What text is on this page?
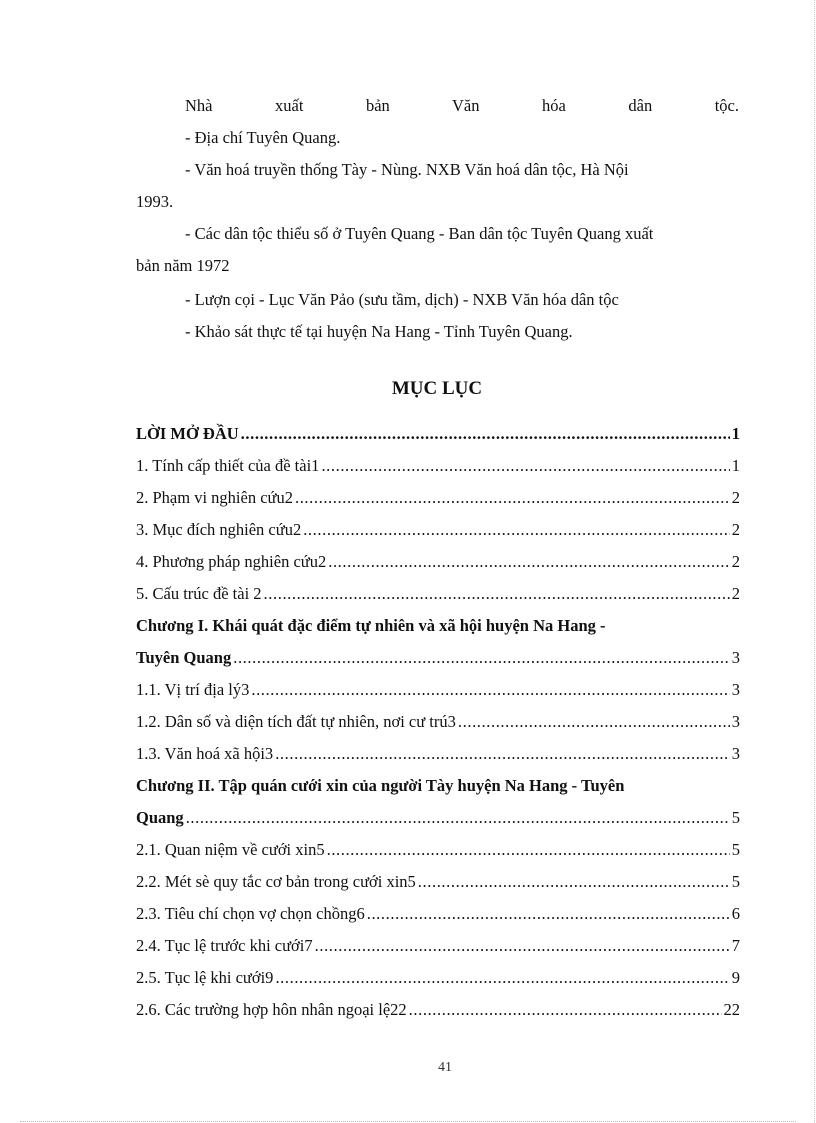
Nhà xuất bản Văn hóa dân tộc.
- Địa chí Tuyên Quang.
- Văn hoá truyền thống Tày - Nùng. NXB Văn hoá dân tộc, Hà Nội
1993.
- Các dân tộc thiểu số ở Tuyên Quang - Ban dân tộc Tuyên Quang xuất
bản năm 1972
- Lượn cọi - Lục Văn Pảo (sưu tầm, dịch) - NXB Văn hóa dân tộc
- Khảo sát thực tế tại huyện Na Hang - Tỉnh Tuyên Quang.
MỤC LỤC
LỜI MỞ ĐẦU .....	1
1. Tính cấp thiết của đề tài1 .....	1
2. Phạm vi nghiên cứu2 .....	2
3. Mục đích nghiên cứu2 .....	2
4. Phương pháp nghiên cứu2 .....	2
5. Cấu trúc đề tài 2 .....	2
Chương I. Khái quát đặc điểm tự nhiên và xã hội huyện Na Hang -
Tuyên Quang .....	3
1.1. Vị trí địa lý3 .....	3
1.2. Dân số và diện tích đất tự nhiên, nơi cư trú3 .....	3
1.3. Văn hoá xã hội3 .....	3
Chương II. Tập quán cưới xin của người Tày huyện Na Hang - Tuyên
Quang .....	5
2.1. Quan niệm về cưới xin5 .....	5
2.2. Mét sè quy tắc cơ bản trong cưới xin5 .....	5
2.3. Tiêu chí chọn vợ chọn chồng6 .....	6
2.4. Tục lệ trước khi cưới7 .....	7
2.5. Tục lệ khi cưới9 .....	9
2.6. Các trường hợp hôn nhân ngoại lệ22 .....	22
41
